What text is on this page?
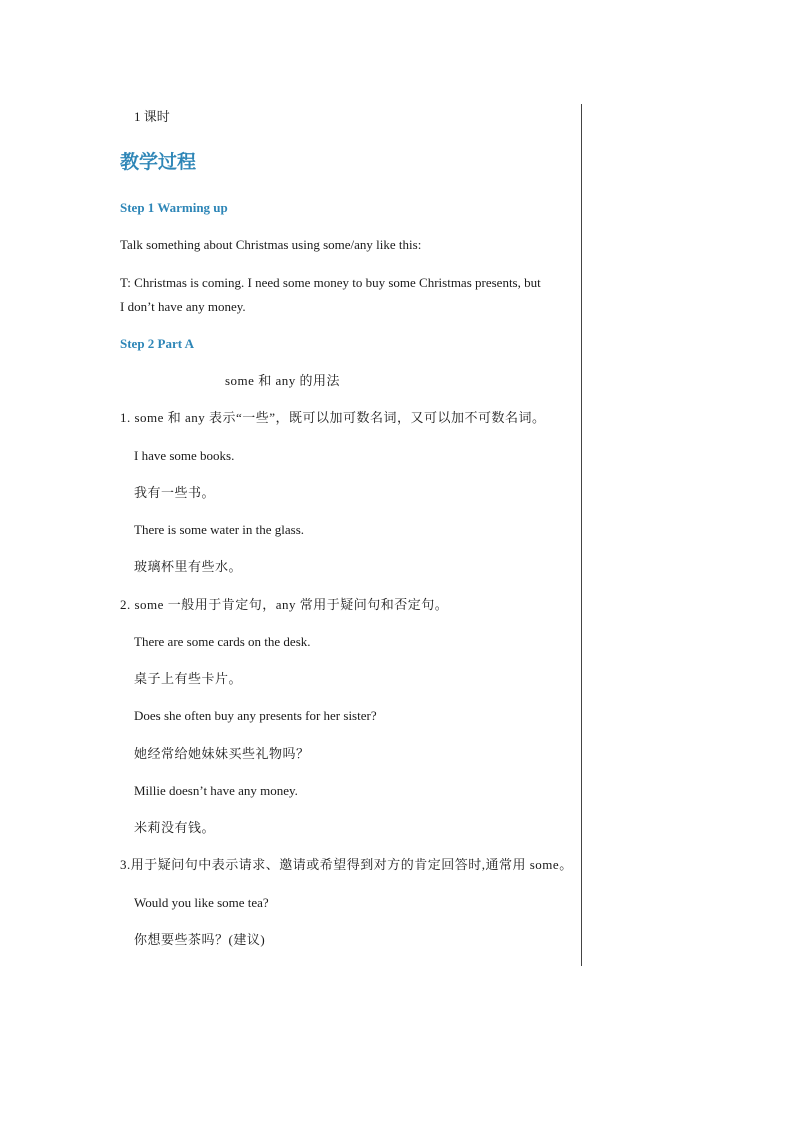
1 课时
教学过程
Step 1 Warming up
Talk something about Christmas using some/any like this:
T: Christmas is coming. I need some money to buy some Christmas presents, but
I don’t have any money.
Step 2 Part A
some 和 any 的用法
1. some 和 any 表示“一些”，既可以加可数名词，又可以加不可数名词。
I have some books.
我有一些书。
There is some water in the glass.
玻璃杯里有些水。
2. some 一般用于肯定句，any 常用于疑问句和否定句。
There are some cards on the desk.
桌子上有些卡片。
Does she often buy any presents for her sister?
她经常给她妹妹买些礼物吗？
Millie doesn’t have any money.
米莉没有钱。
3.用于疑问句中表示请求、邀请或希望得到对方的肯定回答时,通常用 some。
Would you like some tea?
你想要些茶吗？(建议)
